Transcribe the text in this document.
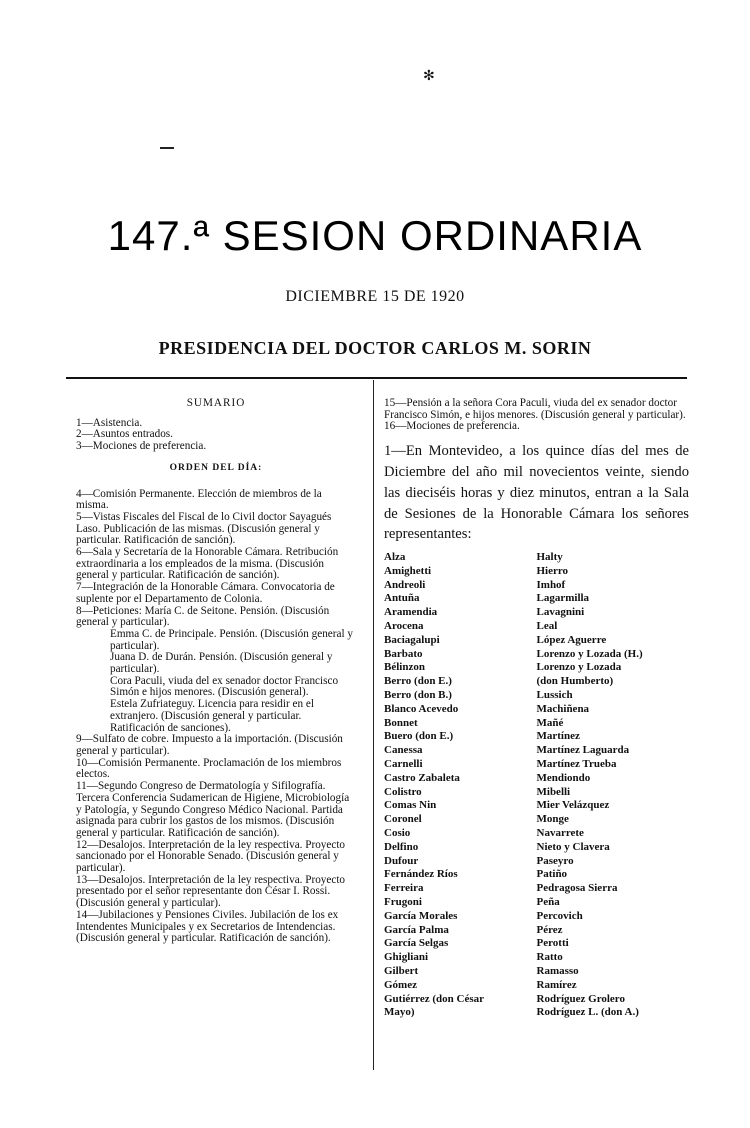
✻
147.ª SESION ORDINARIA
DICIEMBRE 15 DE 1920
PRESIDENCIA DEL DOCTOR CARLOS M. SORIN
SUMARIO
1—Asistencia.
2—Asuntos entrados.
3—Mociones de preferencia.
ORDEN DEL DÍA:
4—Comisión Permanente. Elección de miembros de la misma.
5—Vistas Fiscales del Fiscal de lo Civil doctor Sayagués Laso. Publicación de las mismas. (Discusión general y particular. Ratificación de sanción).
6—Sala y Secretaría de la Honorable Cámara. Retribución extraordinaria a los empleados de la misma. (Discusión general y particular. Ratificación de sanción).
7—Integración de la Honorable Cámara. Convocatoria de suplente por el Departamento de Colonia.
8—Peticiones: María C. de Seitone. Pensión. (Discusión general y particular).
Emma C. de Principale. Pensión. (Discusión general y particular).
Juana D. de Durán. Pensión. (Discusión general y particular).
Cora Paculi, viuda del ex senador doctor Francisco Simón e hijos menores. (Discusión general).
Estela Zufriateguy. Licencia para residir en el extranjero. (Discusión general y particular. Ratificación de sanciones).
9—Sulfato de cobre. Impuesto a la importación. (Discusión general y particular).
10—Comisión Permanente. Proclamación de los miembros electos.
11—Segundo Congreso de Dermatología y Sifilografía. Tercera Conferencia Sudamerican de Higiene, Microbiología y Patología, y Segundo Congreso Médico Nacional. Partida asignada para cubrir los gastos de los mismos. (Discusión general y particular. Ratificación de sanción).
12—Desalojos. Interpretación de la ley respectiva. Proyecto sancionado por el Honorable Senado. (Discusión general y particular).
13—Desalojos. Interpretación de la ley respectiva. Proyecto presentado por el señor representante don César I. Rossi. (Discusión general y particular).
14—Jubilaciones y Pensiones Civiles. Jubilación de los ex Intendentes Municipales y ex Secretarios de Intendencias. (Discusión general y particular. Ratificación de sanción).
15—Pensión a la señora Cora Paculi, viuda del ex senador doctor Francisco Simón, e hijos menores. (Discusión general y particular).
16—Mociones de preferencia.
1—En Montevideo, a los quince días del mes de Diciembre del año mil novecientos veinte, siendo las dieciséis horas y diez minutos, entran a la Sala de Sesiones de la Honorable Cámara los señores representantes:
Alza
Amighetti
Andreoli
Antuña
Aramendia
Arocena
Baciagalupi
Barbato
Bélinzon
Berro (don E.)
Berro (don B.)
Blanco Acevedo
Bonnet
Buero (don E.)
Canessa
Carnelli
Castro Zabaleta
Colistro
Comas Nin
Coronel
Cosio
Delfino
Dufour
Fernández Ríos
Ferreira
Frugoni
García Morales
García Palma
García Selgas
Ghigliani
Gilbert
Gómez
Gutiérrez (don César
Mayo)
Halty
Hierro
Imhof
Lagarmilla
Lavagnini
Leal
López Aguerre
Lorenzo y Lozada (H.)
Lorenzo y Lozada
(don Humberto)
Lussich
Machiñena
Mañé
Martínez
Martínez Laguarda
Martínez Trueba
Mendiondo
Mibelli
Mier Velázquez
Monge
Navarrete
Nieto y Clavera
Paseyro
Patiño
Pedragosa Sierra
Peña
Percovich
Pérez
Perotti
Ratto
Ramasso
Ramírez
Rodríguez Grolero
Rodríguez L. (don A.)
